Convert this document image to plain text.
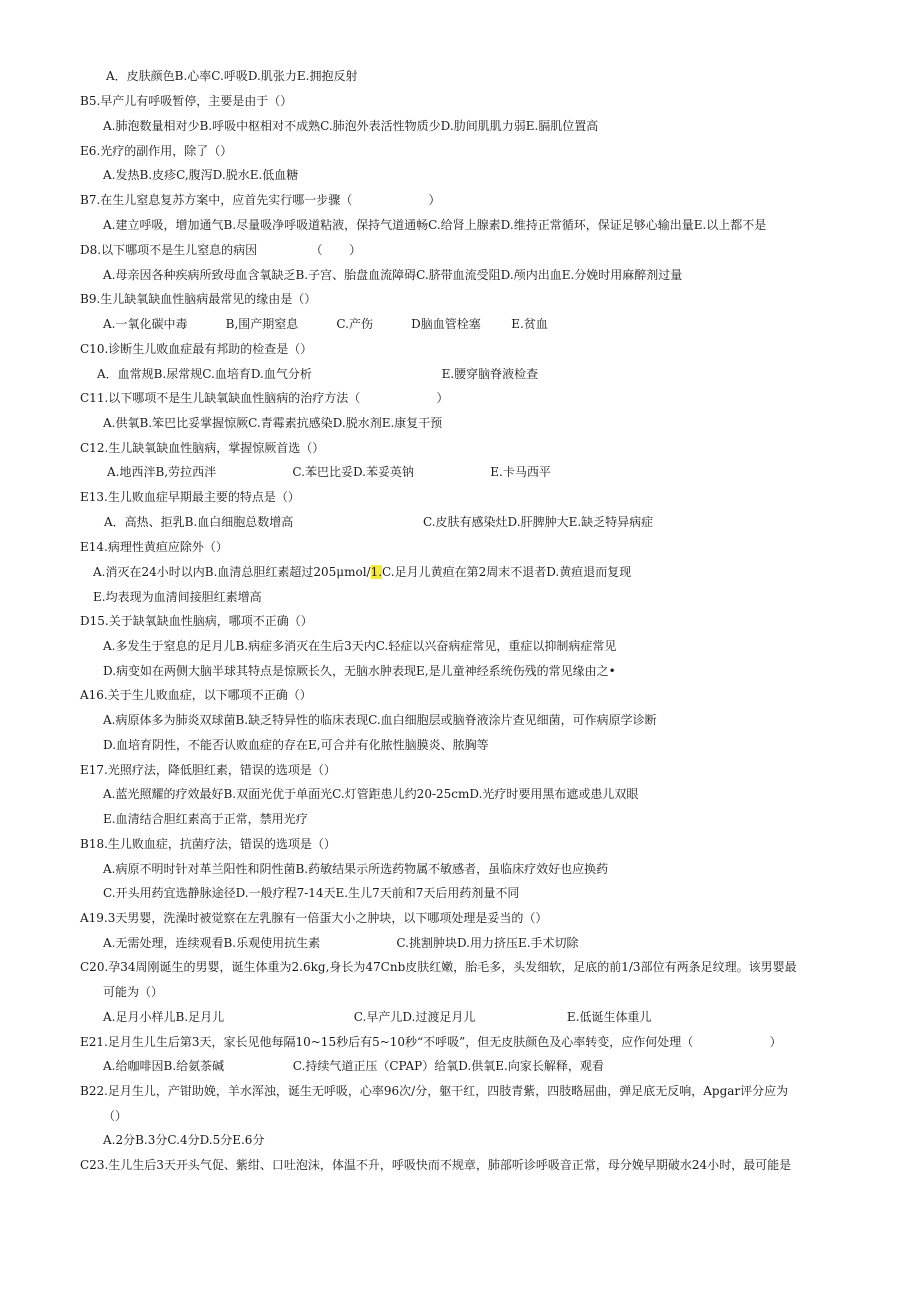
A．皮肤颜色B.心率C.呼吸D.肌张力E.拥抱反射
B5.早产儿有呼吸暂停，主要是由于（）
A.肺泡数量相对少B.呼吸中枢相对不成熟C.肺泡外表活性物质少D.肋间肌肌力弱E.膈肌位置高
E6.光疗的副作用，除了（）
A.发热B.皮疹C,腹泻D.脱水E.低血糖
B7.在生儿窒息复苏方案中，应首先实行哪一步骤（                    ）
A.建立呼吸，增加通气B.尽量吸净呼吸道粘液，保持气道通畅C.给肾上腺素D.维持正常循环，保证足够心输出量E.以上都不是
D8.以下哪项不是生儿窒息的病因              （       ）
A.母亲因各种疾病所致母血含氧缺乏B.子宫、胎盘血流障碍C.脐带血流受阻D.颅内出血E.分娩时用麻醉剂过量
B9.生儿缺氧缺血性脑病最常见的缘由是（）
A.一氧化碳中毒          B,围产期窒息          C.产伤          D脑血管栓塞        E.贫血
C10.诊断生儿败血症最有邦助的检查是（）
A．血常规B.尿常规C.血培育D.血气分析                                  E.腰穿脑脊液检查
C11.以下哪项不是生儿缺氧缺血性脑病的治疗方法（                    ）
A.供氧B.笨巴比妥掌握惊厥C.青霉素抗感染D.脱水剂E.康复干预
C12.生儿缺氧缺血性脑病，掌握惊厥首选（）
A.地西泮B,劳拉西泮                    C.苯巴比妥D.苯妥英钠                    E.卡马西平
E13.生儿败血症早期最主要的特点是（）
A．高热、拒乳B.血白细胞总数增高                                  C.皮肤有感染灶D.肝脾肿大E.缺乏特异病症
E14.病理性黄疸应除外（）
A.消灭在24小时以内B.血清总胆红素超过205μmol/1.C.足月儿黄疸在第2周末不退者D.黄疸退而复现
E.均表现为血清间接胆红素增高
D15.关于缺氧缺血性脑病，哪项不正确（）
A.多发生于窒息的足月儿B.病症多消灭在生后3天内C.轻症以兴奋病症常见，重症以抑制病症常见
D.病变如在两侧大脑半球其特点是惊厥长久，无脑水肿表现E,是儿童神经系统伤残的常见缘由之•
A16.关于生儿败血症，以下哪项不正确（）
A.病原体多为肺炎双球菌B.缺乏特异性的临床表现C.血白细胞层或脑脊液涂片查见细菌，可作病原学诊断
D.血培育阴性，不能否认败血症的存在E,可合并有化脓性脑膜炎、脓胸等
E17.光照疗法，降低胆红素，错误的选项是（）
A.蓝光照耀的疗效最好B.双面光优于单面光C.灯管距患儿约20-25cmD.光疗时要用黑布遮或患儿双眼
E.血清结合胆红素高于正常，禁用光疗
B18.生儿败血症，抗菌疗法，错误的选项是（）
A.病原不明时针对革兰阳性和阴性菌B.药敏结果示所选药物属不敏感者，虽临床疗效好也应换药
C.开头用药宜选静脉途径D.一般疗程7-14天E.生儿7天前和7天后用药剂量不同
A19.3天男婴，洗澡时被觉察在左乳腺有一倍蛋大小之肿块，以下哪项处理是妥当的（）
A.无需处理，连续观看B.乐观使用抗生素                    C.挑割肿块D.用力挤压E.手术切除
C20.孕34周刚诞生的男婴，诞生体重为2.6kg,身长为47Cnb皮肤红嫩，胎毛多，头发细软，足底的前1/3部位有两条足纹理。该男婴最
可能为（）
A.足月小样儿B.足月儿                                  C.早产儿D.过渡足月儿                        E.低诞生体重儿
E21.足月生儿生后第3天，家长见他每隔10~15秒后有5~10秒“不呼吸”，但无皮肤颜色及心率转变，应作何处理（                    ）
A.给咖啡因B.给氨茶碱                  C.持续气道正压（CPAP）给氧D.供氧E.向家长解释，观看
B22.足月生儿，产钳助娩，羊水浑浊，诞生无呼吸，心率96次/分，躯干红，四肢青紫，四肢略屈曲，弹足底无反响，Apgar评分应为
（）
A.2分B.3分C.4分D.5分E.6分
C23.生儿生后3天开头气促、紫绀、口吐泡沫，体温不升，呼吸快而不规章，肺部听诊呼吸音正常，母分娩早期破水24小时，最可能是
